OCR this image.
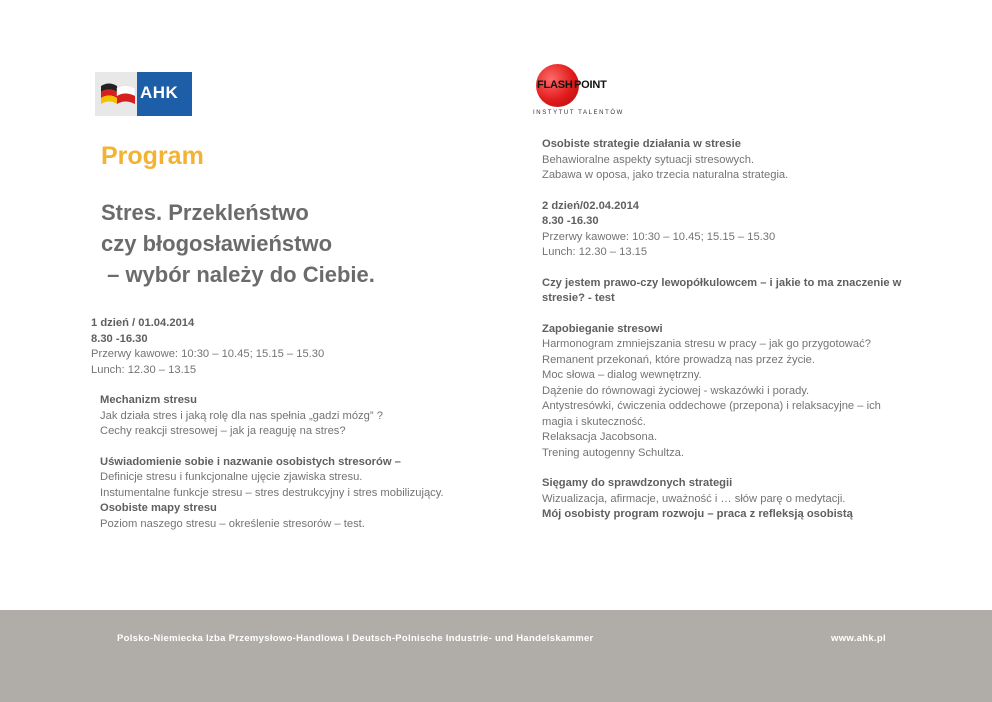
AHK	FLASH POINT
INSTYTUT TALENTÓW
Program
Stres. Przekleństwo
czy błogosławieństwo
– wybór należy do Ciebie.
1 dzień / 01.04.2014
8.30 -16.30
Przerwy kawowe: 10:30 – 10.45; 15.15 – 15.30
Lunch: 12.30 – 13.15
Mechanizm stresu
Jak działa stres i jaką rolę dla nas spełnia „gadzi mózg” ?
Cechy reakcji stresowej – jak ja reaguję na stres?
Uświadomienie sobie i nazwanie osobistych stresorów –
Definicje stresu i funkcjonalne ujęcie zjawiska stresu.
Instumentalne funkcje stresu – stres destrukcyjny i stres mobilizujący.
Osobiste mapy stresu
Poziom naszego stresu – określenie stresorów – test.
Osobiste strategie działania w stresie
Behawioralne aspekty sytuacji stresowych.
Zabawa w oposa, jako trzecia naturalna strategia.
2 dzień/02.04.2014
8.30 -16.30
Przerwy kawowe: 10:30 – 10.45; 15.15 – 15.30
Lunch: 12.30 – 13.15
Czy jestem prawo-czy lewopółkulowcem – i jakie to ma znaczenie w
stresie? - test
Zapobieganie stresowi
Harmonogram zmniejszania stresu w pracy – jak go przygotować?
Remanent przekonań, które prowadzą nas przez życie.
Moc słowa – dialog wewnętrzny.
Dążenie do równowagi życiowej - wskazówki i porady.
Antystresówki, ćwiczenia oddechowe (przepona) i relaksacyjne – ich
magia i skuteczność.
Relaksacja Jacobsona.
Trening autogenny Schultza.
Sięgamy do sprawdzonych strategii
Wizualizacja, afirmacje, uważność i … słów parę o medytacji.
Mój osobisty program rozwoju – praca z refleksją osobistą
Polsko-Niemiecka Izba Przemysłowo-Handlowa I Deutsch-Polnische Industrie- und Handelskammer	www.ahk.pl
